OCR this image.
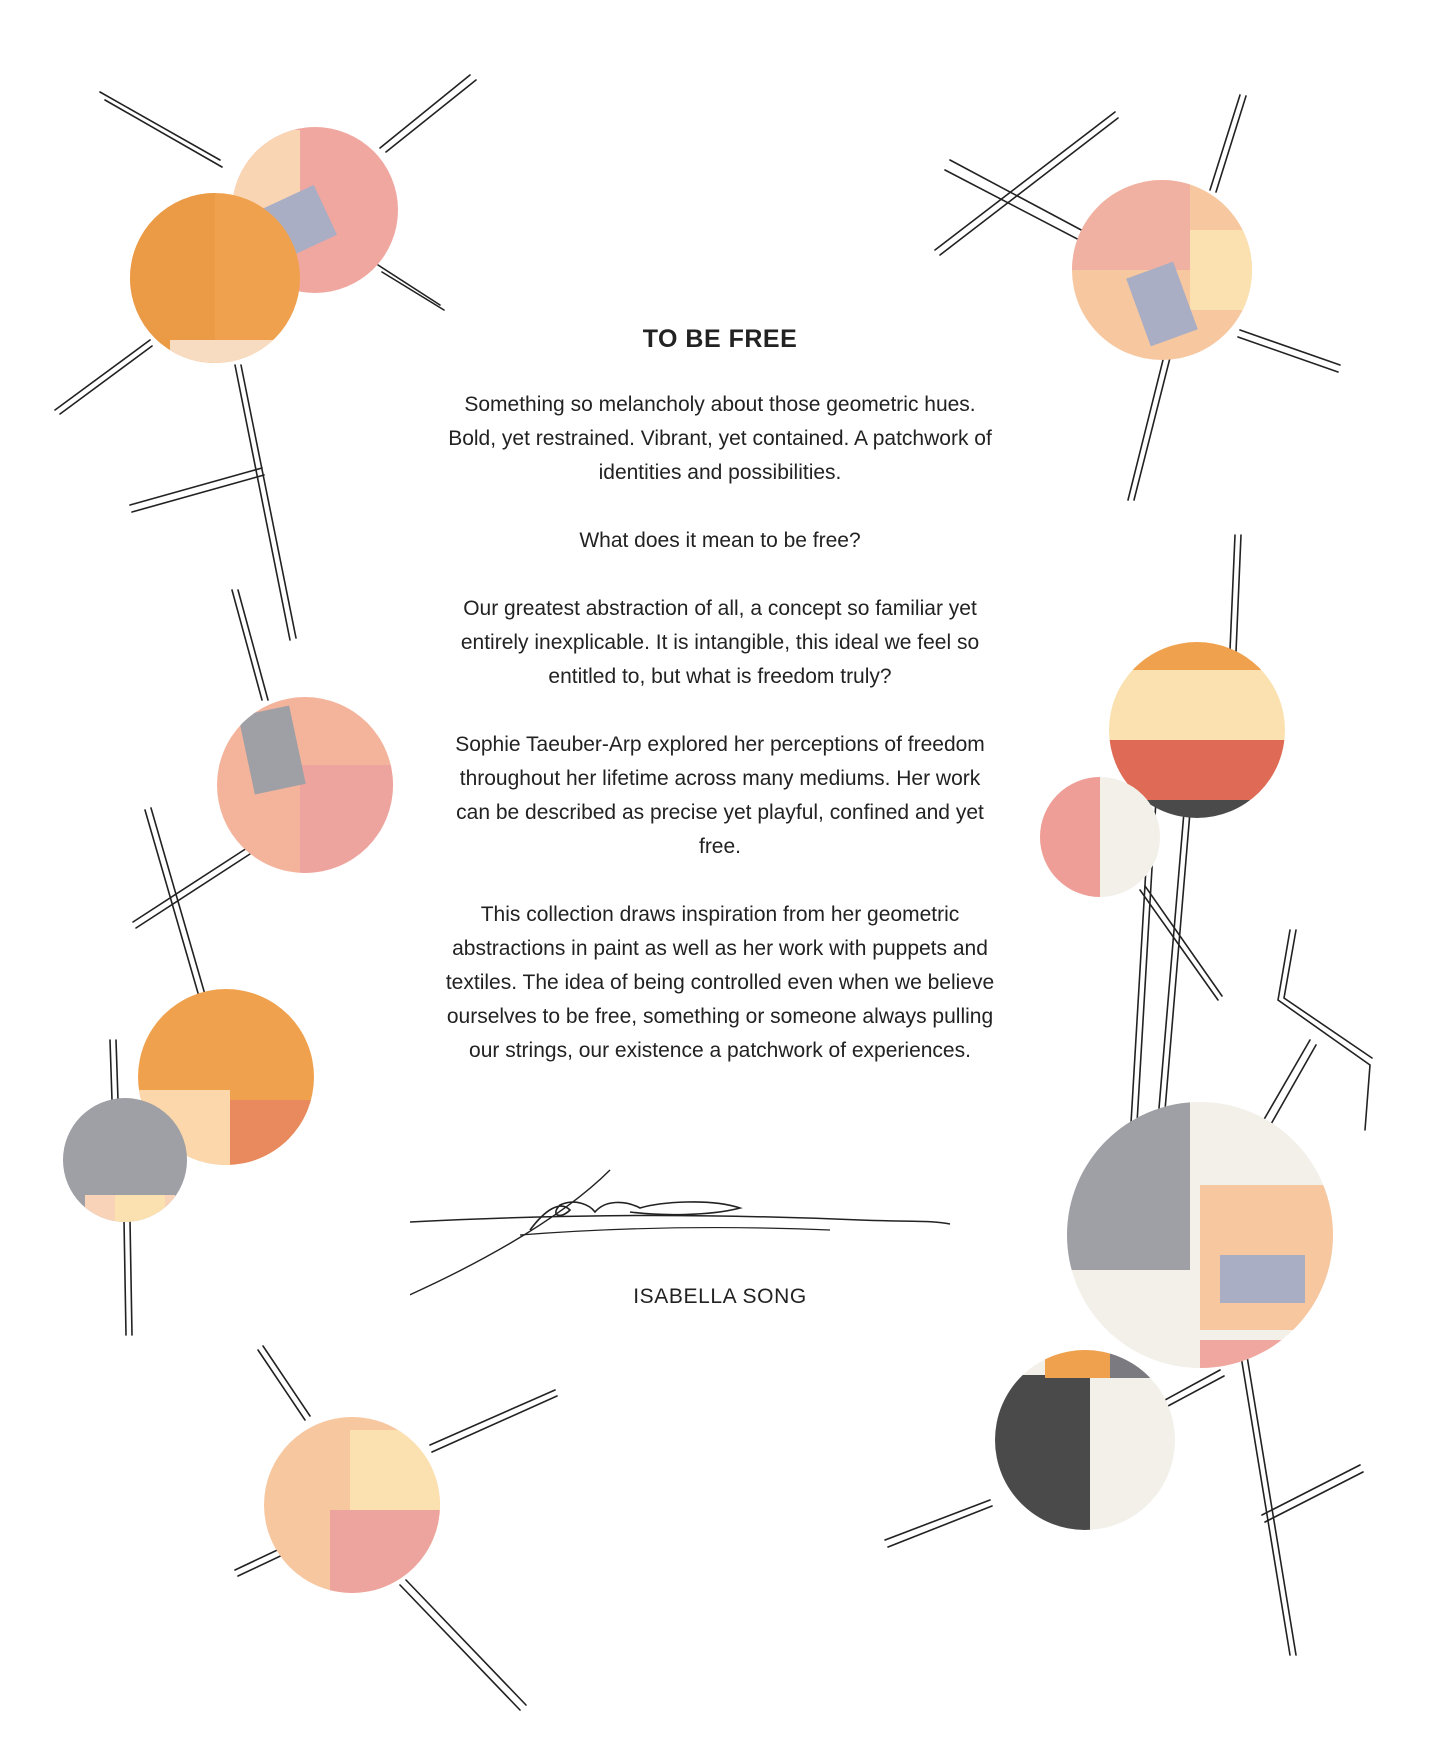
TO BE FREE

Something so melancholy about those geometric hues.
Bold, yet restrained. Vibrant, yet contained. A patchwork of
identities and possibilities.

What does it mean to be free?

Our greatest abstraction of all, a concept so familiar yet
entirely inexplicable. It is intangible, this ideal we feel so
entitled to, but what is freedom truly?

Sophie Taeuber-Arp explored her perceptions of freedom
throughout her lifetime across many mediums. Her work
can be described as precise yet playful, confined and yet
free.

This collection draws inspiration from her geometric
abstractions in paint as well as her work with puppets and
textiles. The idea of being controlled even when we believe
ourselves to be free, something or someone always pulling
our strings, our existence a patchwork of experiences.

ISABELLA SONG
